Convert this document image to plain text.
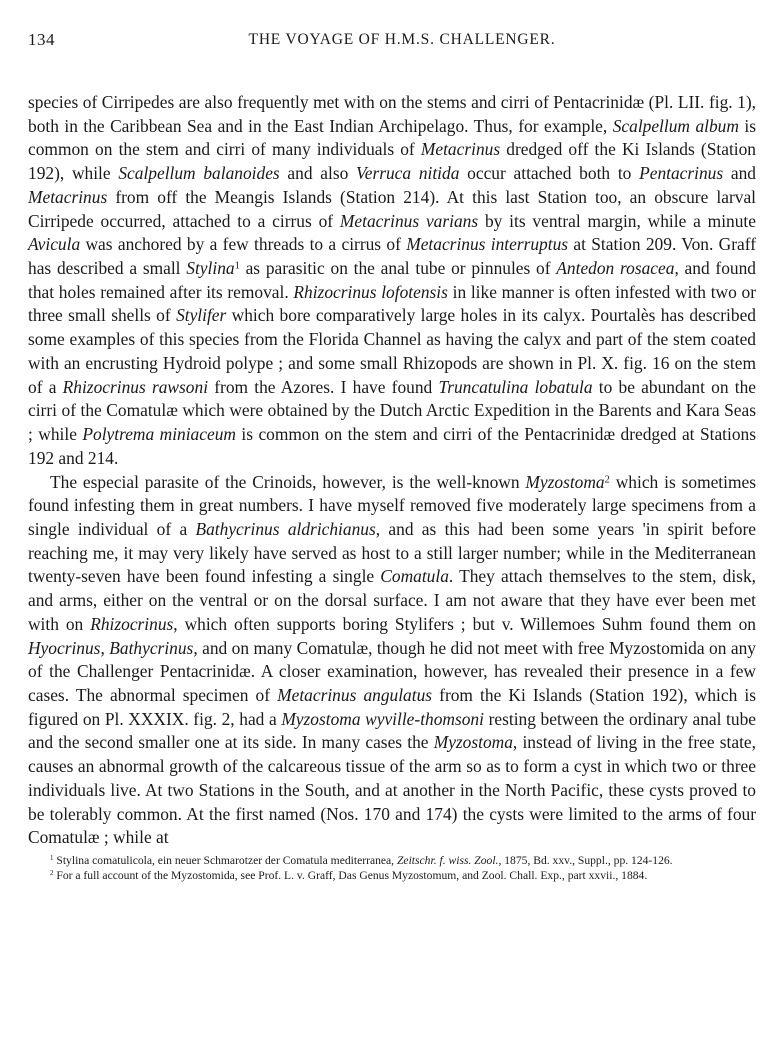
134	THE VOYAGE OF H.M.S. CHALLENGER.

species of Cirripedes are also frequently met with on the stems and cirri of Pentacrinidæ (Pl. LII. fig. 1), both in the Caribbean Sea and in the East Indian Archipelago. Thus, for example, Scalpellum album is common on the stem and cirri of many individuals of Metacrinus dredged off the Ki Islands (Station 192), while Scalpellum balanoides and also Verruca nitida occur attached both to Pentacrinus and Metacrinus from off the Meangis Islands (Station 214). At this last Station too, an obscure larval Cirripede occurred, attached to a cirrus of Metacrinus varians by its ventral margin, while a minute Avicula was anchored by a few threads to a cirrus of Metacrinus interruptus at Station 209. Von. Graff has described a small Stylina$^1$ as parasitic on the anal tube or pinnules of Antedon rosacea, and found that holes remained after its removal. Rhizocrinus lofotensis in like manner is often infested with two or three small shells of Stylifer which bore comparatively large holes in its calyx. Pourtalès has described some examples of this species from the Florida Channel as having the calyx and part of the stem coated with an encrusting Hydroid polype ; and some small Rhizopods are shown in Pl. X. fig. 16 on the stem of a Rhizocrinus rawsoni from the Azores. I have found Truncatulina lobatula to be abundant on the cirri of the Comatulæ which were obtained by the Dutch Arctic Expedition in the Barents and Kara Seas ; while Polytrema miniaceum is common on the stem and cirri of the Pentacrinidæ dredged at Stations 192 and 214.

The especial parasite of the Crinoids, however, is the well-known Myzostoma$^2$ which is sometimes found infesting them in great numbers. I have myself removed five moderately large specimens from a single individual of a Bathycrinus aldrichianus, and as this had been some years 'in spirit before reaching me, it may very likely have served as host to a still larger number; while in the Mediterranean twenty-seven have been found infesting a single Comatula. They attach themselves to the stem, disk, and arms, either on the ventral or on the dorsal surface. I am not aware that they have ever been met with on Rhizocrinus, which often supports boring Stylifers ; but v. Willemoes Suhm found them on Hyocrinus, Bathycrinus, and on many Comatulæ, though he did not meet with free Myzostomida on any of the Challenger Pentacrinidæ. A closer examination, however, has revealed their presence in a few cases. The abnormal specimen of Metacrinus angulatus from the Ki Islands (Station 192), which is figured on Pl. XXXIX. fig. 2, had a Myzostoma wyville-thomsoni resting between the ordinary anal tube and the second smaller one at its side. In many cases the Myzostoma, instead of living in the free state, causes an abnormal growth of the calcareous tissue of the arm so as to form a cyst in which two or three individuals live. At two Stations in the South, and at another in the North Pacific, these cysts proved to be tolerably common. At the first named (Nos. 170 and 174) the cysts were limited to the arms of four Comatulæ ; while at

$^1$ Stylina comatulicola, ein neuer Schmarotzer der Comatula mediterranea, Zeitschr. f. wiss. Zool., 1875, Bd. xxv., Suppl., pp. 124-126.

$^2$ For a full account of the Myzostomida, see Prof. L. v. Graff, Das Genus Myzostomum, and Zool. Chall. Exp., part xxvii., 1884.
